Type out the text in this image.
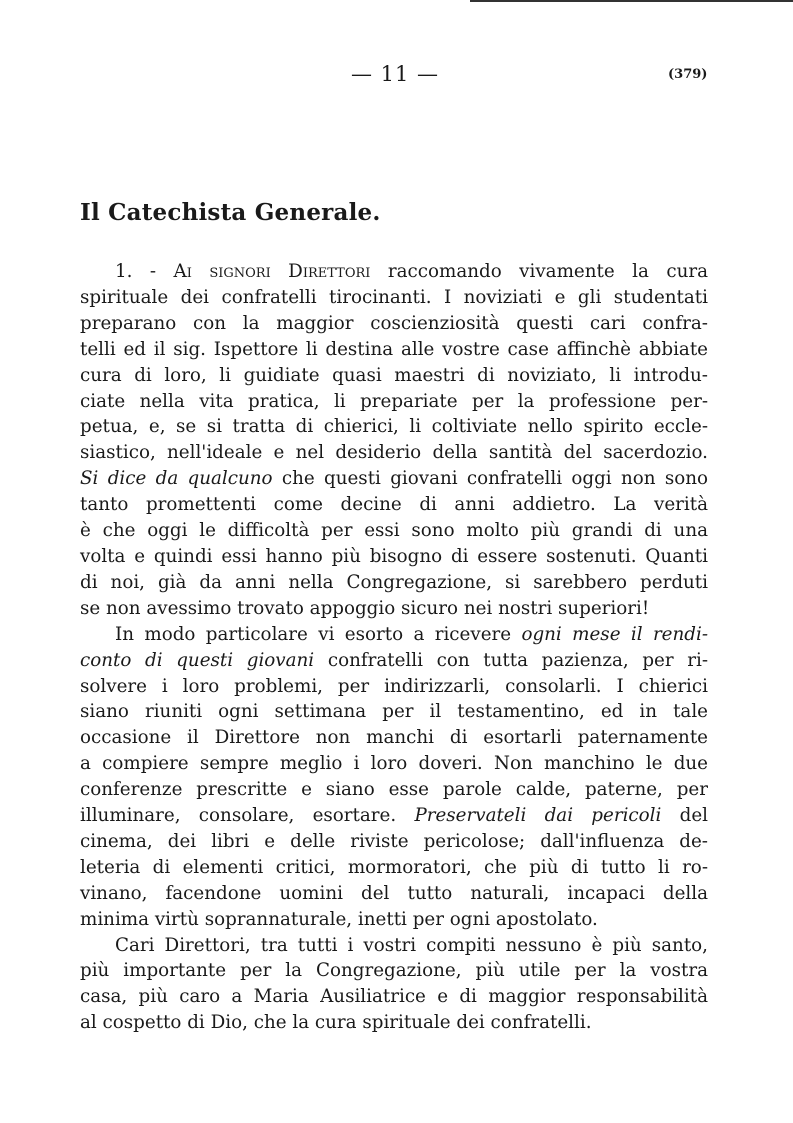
— 11 —	(379)
Il Catechista Generale.
1. - Ai signori Direttori raccomando vivamente la cura
spirituale dei confratelli tirocinanti. I noviziati e gli studentati
preparano con la maggior coscienziosità questi cari confra-
telli ed il sig. Ispettore li destina alle vostre case affinchè abbiate
cura di loro, li guidiate quasi maestri di noviziato, li introdu-
ciate nella vita pratica, li prepariate per la professione per-
petua, e, se si tratta di chierici, li coltiviate nello spirito eccle-
siastico, nell'ideale e nel desiderio della santità del sacerdozio.
Si dice da qualcuno che questi giovani confratelli oggi non sono
tanto promettenti come decine di anni addietro. La verità
è che oggi le difficoltà per essi sono molto più grandi di una
volta e quindi essi hanno più bisogno di essere sostenuti. Quanti
di noi, già da anni nella Congregazione, si sarebbero perduti
se non avessimo trovato appoggio sicuro nei nostri superiori!
In modo particolare vi esorto a ricevere ogni mese il rendi-
conto di questi giovani confratelli con tutta pazienza, per ri-
solvere i loro problemi, per indirizzarli, consolarli. I chierici
siano riuniti ogni settimana per il testamentino, ed in tale
occasione il Direttore non manchi di esortarli paternamente
a compiere sempre meglio i loro doveri. Non manchino le due
conferenze prescritte e siano esse parole calde, paterne, per
illuminare, consolare, esortare. Preservateli dai pericoli del
cinema, dei libri e delle riviste pericolose; dall'influenza de-
leteria di elementi critici, mormoratori, che più di tutto li ro-
vinano, facendone uomini del tutto naturali, incapaci della
minima virtù soprannaturale, inetti per ogni apostolato.
Cari Direttori, tra tutti i vostri compiti nessuno è più santo,
più importante per la Congregazione, più utile per la vostra
casa, più caro a Maria Ausiliatrice e di maggior responsabilità
al cospetto di Dio, che la cura spirituale dei confratelli.
